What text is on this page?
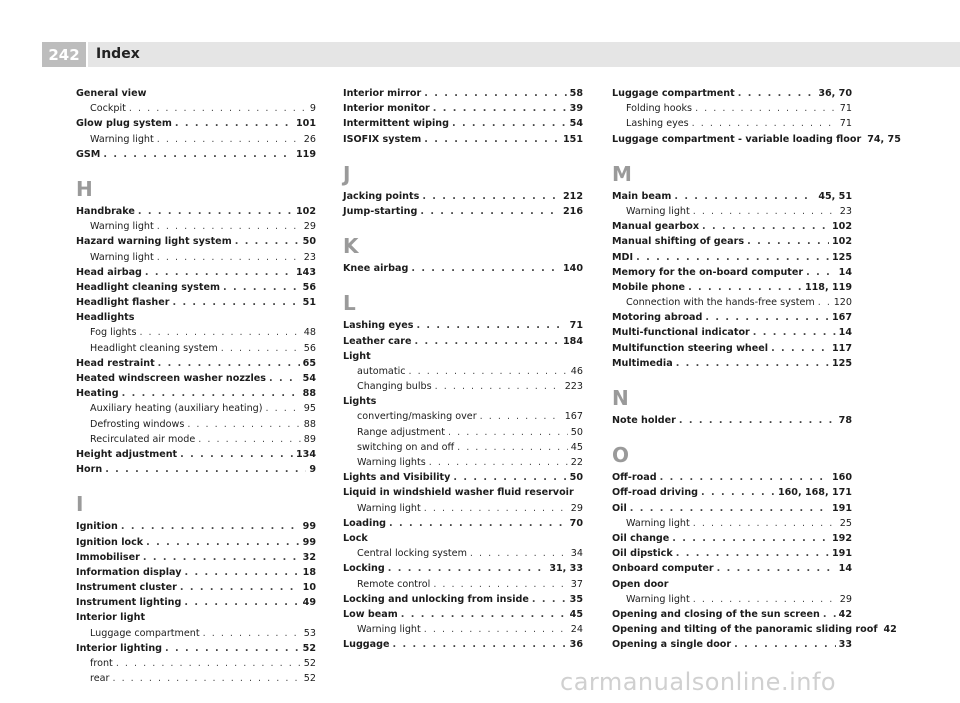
242	Index
General view
Cockpit . . .	9
Glow plug system . . .	101
Warning light . . .	26
GSM . . .	119
H
Handbrake . . .	102
Warning light . . .	29
Hazard warning light system . . .	50
Warning light . . .	23
Head airbag . . .	143
Headlight cleaning system . . .	56
Headlight flasher . . .	51
Headlights
Fog lights . . .	48
Headlight cleaning system . . .	56
Head restraint . . .	65
Heated windscreen washer nozzles . . .	54
Heating . . .	88
Auxiliary heating (auxiliary heating) . . .	95
Defrosting windows . . .	88
Recirculated air mode . . .	89
Height adjustment . . .	134
Horn . . .	9
I
Ignition . . .	99
Ignition lock . . .	99
Immobiliser . . .	32
Information display . . .	18
Instrument cluster . . .	10
Instrument lighting . . .	49
Interior light
Luggage compartment . . .	53
Interior lighting . . .	52
front . . .	52
rear . . .	52
Interior mirror . . .	58
Interior monitor . . .	39
Intermittent wiping . . .	54
ISOFIX system . . .	151
J
Jacking points . . .	212
Jump-starting . . .	216
K
Knee airbag . . .	140
L
Lashing eyes . . .	71
Leather care . . .	184
Light
automatic . . .	46
Changing bulbs . . .	223
Lights
converting/masking over . . .	167
Range adjustment . . .	50
switching on and off . . .	45
Warning lights . . .	22
Lights and Visibility . . .	50
Liquid in windshield washer fluid reservoir
Warning light . . .	29
Loading . . .	70
Lock
Central locking system . . .	34
Locking . . .	31, 33
Remote control . . .	37
Locking and unlocking from inside . . .	35
Low beam . . .	45
Warning light . . .	24
Luggage . . .	36
Luggage compartment . . .	36, 70
Folding hooks . . .	71
Lashing eyes . . .	71
Luggage compartment - variable loading floor 74, 75
M
Main beam . . .	45, 51
Warning light . . .	23
Manual gearbox . . .	102
Manual shifting of gears . . .	102
MDI . . .	125
Memory for the on-board computer . . .	14
Mobile phone . . .	118, 119
Connection with the hands-free system . . . 120
Motoring abroad . . .	167
Multi-functional indicator . . .	14
Multifunction steering wheel . . .	117
Multimedia . . .	125
N
Note holder . . .	78
O
Off-road . . .	160
Off-road driving . . .	160, 168, 171
Oil . . .	191
Warning light . . .	25
Oil change . . .	192
Oil dipstick . . .	191
Onboard computer . . .	14
Open door
Warning light . . .	29
Opening and closing of the sun screen . . . 42
Opening and tilting of the panoramic sliding roof 42
Opening a single door . . .	33
carmanualsonline.info
